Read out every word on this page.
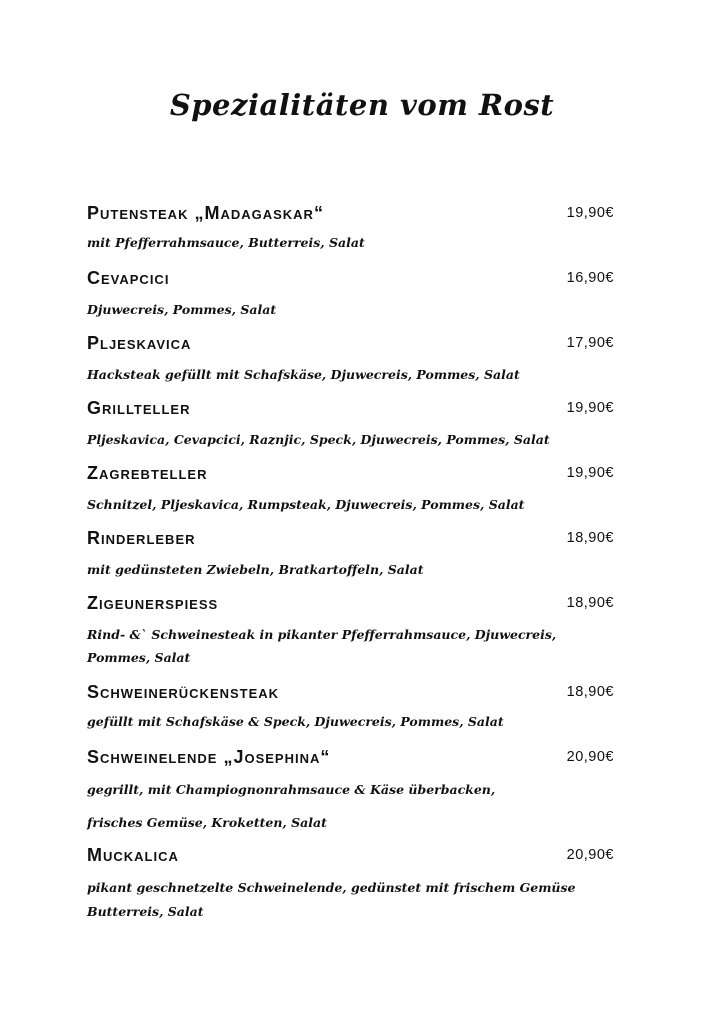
Spezialitäten vom Rost
Putensteak „Madagaskar“	19,90€
mit Pfefferrahmsauce, Butterreis, Salat
Cevapcici	16,90€
Djuwecreis, Pommes, Salat
Pljeskavica	17,90€
Hacksteak gefüllt mit Schafskäse, Djuwecreis, Pommes, Salat
Grillteller	19,90€
Pljeskavica, Cevapcici, Raznjic, Speck, Djuwecreis, Pommes, Salat
Zagrebteller	19,90€
Schnitzel, Pljeskavica, Rumpsteak, Djuwecreis, Pommes, Salat
Rinderleber	18,90€
mit gedünsteten Zwiebeln, Bratkartoffeln, Salat
Zigeunerspiess	18,90€
Rind- &` Schweinesteak in pikanter Pfefferrahmsauce, Djuwecreis,
Pommes, Salat
Schweinerückensteak	18,90€
gefüllt mit Schafskäse & Speck, Djuwecreis, Pommes, Salat
Schweinelende „Josephina“	20,90€
gegrillt, mit Champiognonrahmsauce & Käse überbacken,
frisches Gemüse, Kroketten, Salat
Muckalica	20,90€
pikant geschnetzelte Schweinelende, gedünstet mit frischem Gemüse
Butterreis, Salat
